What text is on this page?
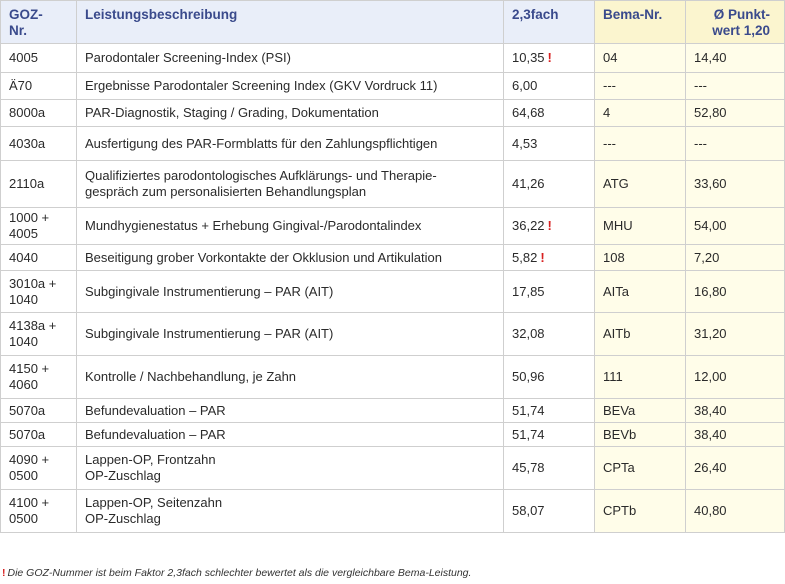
GOZ-
Nr.	Leistungsbeschreibung	2,3fach	Bema-Nr.	Ø Punkt-
wert 1,20

4005	Parodontaler Screening-Index (PSI)	10,35 !	04	14,40

Ä70	Ergebnisse Parodontaler Screening Index (GKV Vordruck 11)	6,00	---	---

8000a	PAR-Diagnostik, Staging / Grading, Dokumentation	64,68	4	52,80

4030a	Ausfertigung des PAR-Formblatts für den Zahlungspflichtigen	4,53	---	---

2110a	Qualifiziertes parodontologisches Aufklärungs- und Therapie-
gespräch zum personalisierten Behandlungsplan	41,26	ATG	33,60

1000 +
4005	Mundhygienestatus + Erhebung Gingival-/Parodontalindex	36,22 !	MHU	54,00

4040	Beseitigung grober Vorkontakte der Okklusion und Artikulation	5,82 !	108	7,20

3010a +
1040	Subgingivale Instrumentierung – PAR (AIT)	17,85	AITa	16,80

4138a +
1040	Subgingivale Instrumentierung – PAR (AIT)	32,08	AITb	31,20

4150 +
4060	Kontrolle / Nachbehandlung, je Zahn	50,96	111	12,00

5070a	Befundevaluation – PAR	51,74	BEVa	38,40

5070a	Befundevaluation – PAR	51,74	BEVb	38,40

4090 +
0500	Lappen-OP, Frontzahn
OP-Zuschlag	45,78	CPTa	26,40

4100 +
0500	Lappen-OP, Seitenzahn
OP-Zuschlag	58,07	CPTb	40,80
! Die GOZ-Nummer ist beim Faktor 2,3fach schlechter bewertet als die vergleichbare Bema-Leistung.
